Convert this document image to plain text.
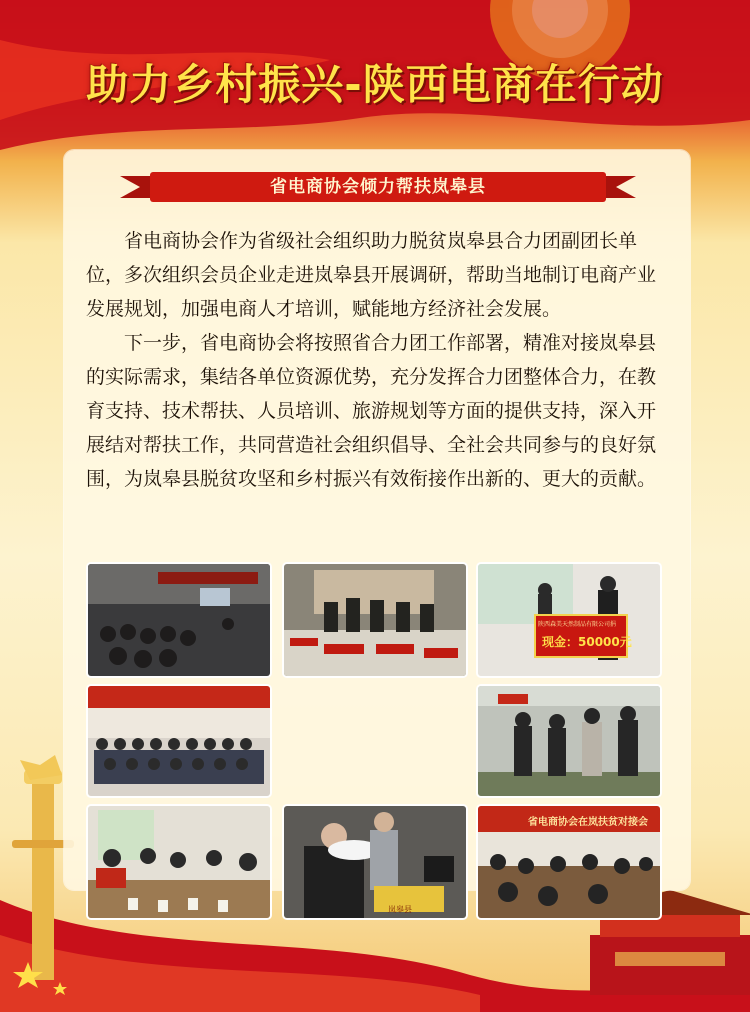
助力乡村振兴-陕西电商在行动
省电商协会倾力帮扶岚皋县

省电商协会作为省级社会组织助力脱贫岚皋县合力团副团长单位，多次组织会员企业走进岚皋县开展调研，帮助当地制订电商产业发展规划，加强电商人才培训，赋能地方经济社会发展。

下一步，省电商协会将按照省合力团工作部署，精准对接岚皋县的实际需求，集结各单位资源优势，充分发挥合力团整体合力，在教育支持、技术帮扶、人员培训、旅游规划等方面的提供支持，深入开展结对帮扶工作，共同营造社会组织倡导、全社会共同参与的良好氛围，为岚皋县脱贫攻坚和乡村振兴有效衔接作出新的、更大的贡献。

陕西森美天然制品有限公司捐
现金：50000元
岚皋县
省电商协会在岚扶贫对接会
